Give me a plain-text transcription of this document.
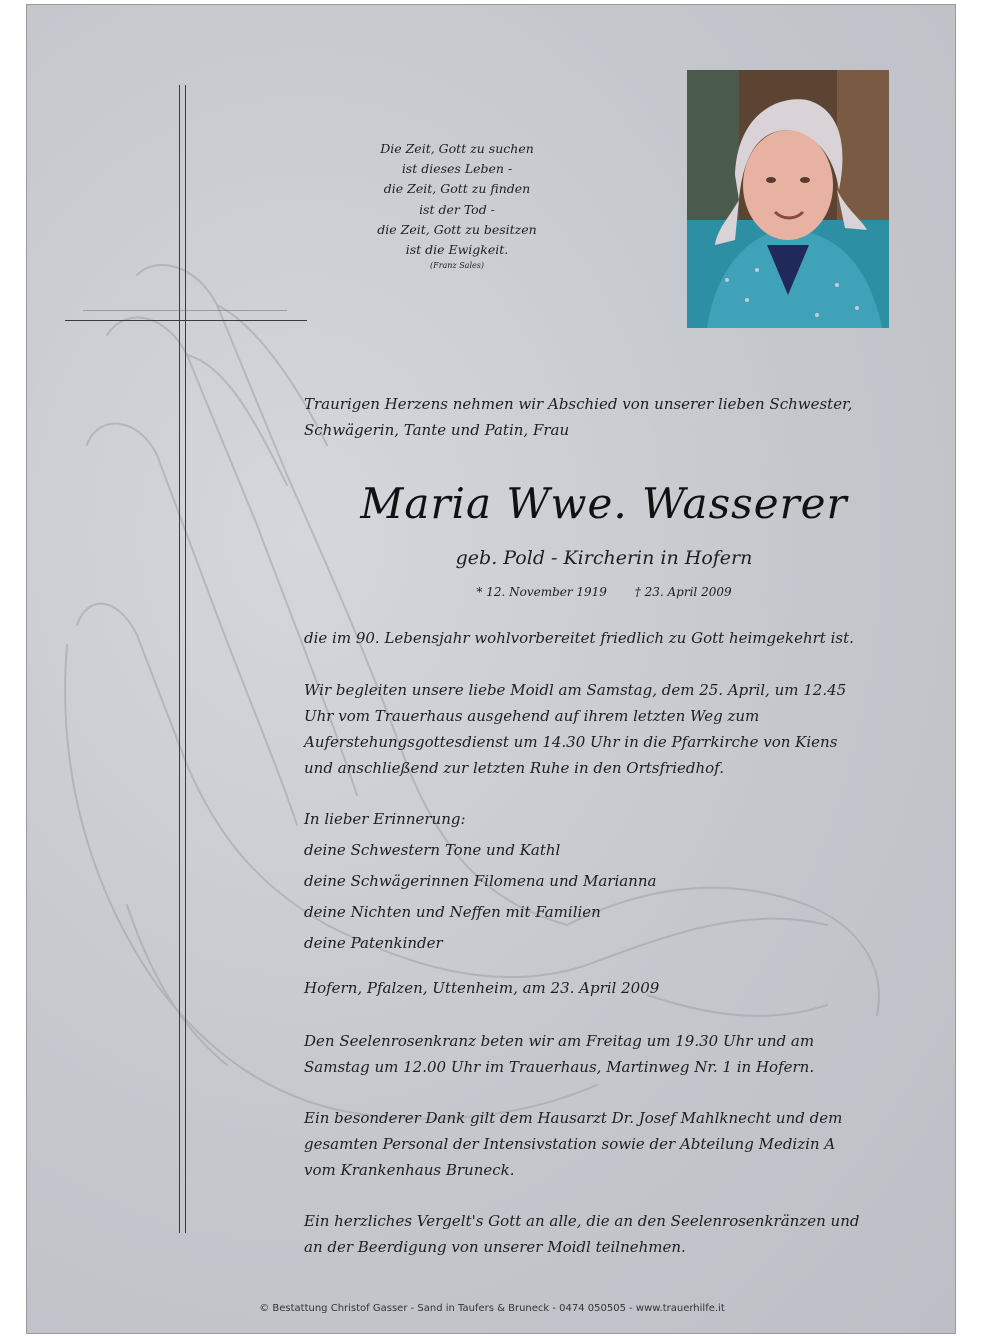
Die Zeit, Gott zu suchen
ist dieses Leben -
die Zeit, Gott zu finden
ist der Tod -
die Zeit, Gott zu besitzen
ist die Ewigkeit.
(Franz Sales)
Traurigen Herzens nehmen wir Abschied von unserer lieben Schwester,
Schwägerin, Tante und Patin, Frau
Maria Wwe. Wasserer
geb. Pold - Kircherin in Hofern
* 12. November 1919 † 23. April 2009
die im 90. Lebensjahr wohlvorbereitet friedlich zu Gott heimgekehrt ist.
Wir begleiten unsere liebe Moidl am Samstag, dem 25. April, um 12.45
Uhr vom Trauerhaus ausgehend auf ihrem letzten Weg zum
Auferstehungsgottesdienst um 14.30 Uhr in die Pfarrkirche von Kiens
und anschließend zur letzten Ruhe in den Ortsfriedhof.
In lieber Erinnerung:
deine Schwestern Tone und Kathl
deine Schwägerinnen Filomena und Marianna
deine Nichten und Neffen mit Familien
deine Patenkinder
Hofern, Pfalzen, Uttenheim, am 23. April 2009
Den Seelenrosenkranz beten wir am Freitag um 19.30 Uhr und am
Samstag um 12.00 Uhr im Trauerhaus, Martinweg Nr. 1 in Hofern.
Ein besonderer Dank gilt dem Hausarzt Dr. Josef Mahlknecht und dem
gesamten Personal der Intensivstation sowie der Abteilung Medizin A
vom Krankenhaus Bruneck.
Ein herzliches Vergelt's Gott an alle, die an den Seelenrosenkränzen und
an der Beerdigung von unserer Moidl teilnehmen.
© Bestattung Christof Gasser - Sand in Taufers & Bruneck - 0474 050505 - www.trauerhilfe.it
